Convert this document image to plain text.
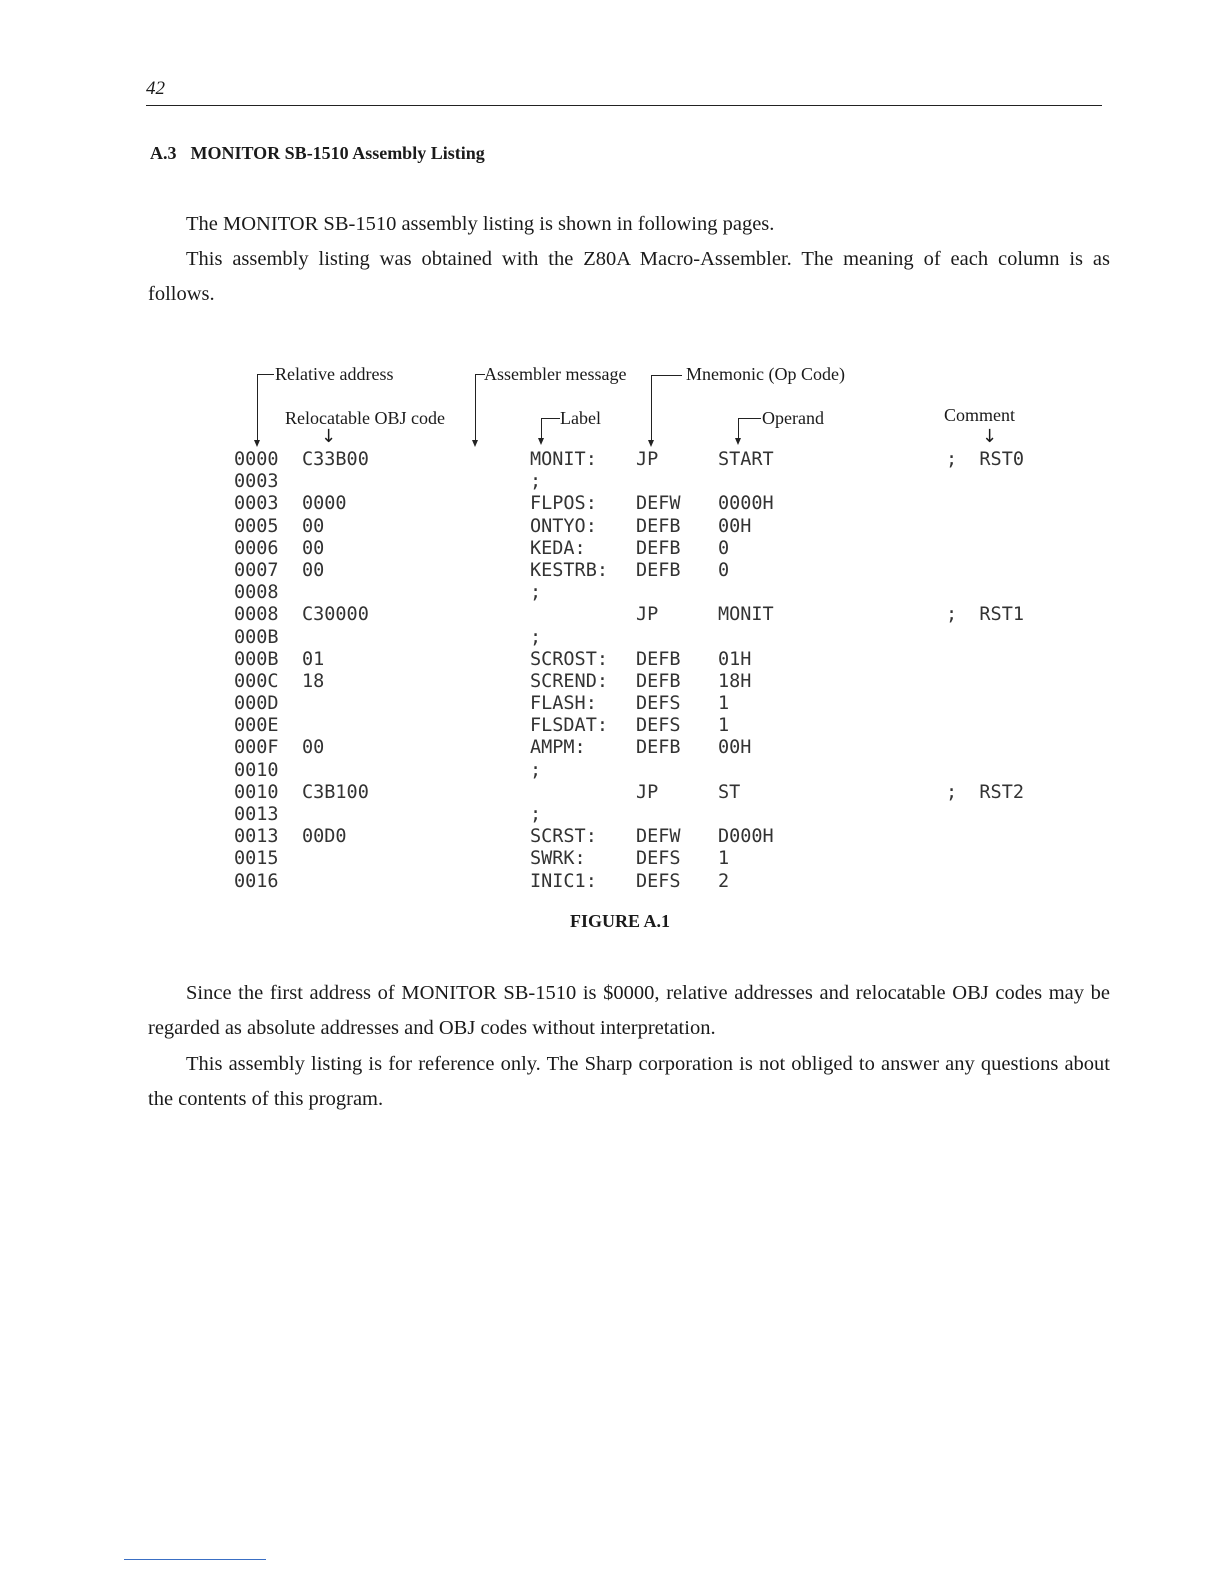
42
A.3 MONITOR SB-1510 Assembly Listing

The MONITOR SB-1510 assembly listing is shown in following pages.

This assembly listing was obtained with the Z80A Macro-Assembler. The meaning of each column is as follows.

Relative address
Relocatable OBJ code
↓
Assembler message
Label
Mnemonic (Op Code)
Operand	Comment
↓
0000 C33B00	MONIT: JP	START	;  RST0
0003	;
0003 0000	FLPOS: DEFW 0000H
0005 00	ONTYO: DEFB 00H
0006 00	KEDA:	DEFB 0
0007 00	KESTRB: DEFB 0
0008	;
0008 C30000	JP	MONIT	;  RST1
000B	;
000B 01	SCROST: DEFB 01H
000C 18	SCREND: DEFB 18H
000D	FLASH: DEFS 1
000E	FLSDAT: DEFS 1
000F 00	AMPM:	DEFB 00H
0010	;
0010 C3B100	JP	ST	;  RST2
0013	;
0013 00D0	SCRST: DEFW D000H
0015	SWRK:	DEFS 1
0016	INIC1: DEFS 2
FIGURE A.1

Since the first address of MONITOR SB-1510 is $0000, relative addresses and relocatable OBJ codes may be regarded as absolute addresses and OBJ codes without interpretation.

This assembly listing is for reference only. The Sharp corporation is not obliged to answer any questions about the contents of this program.
